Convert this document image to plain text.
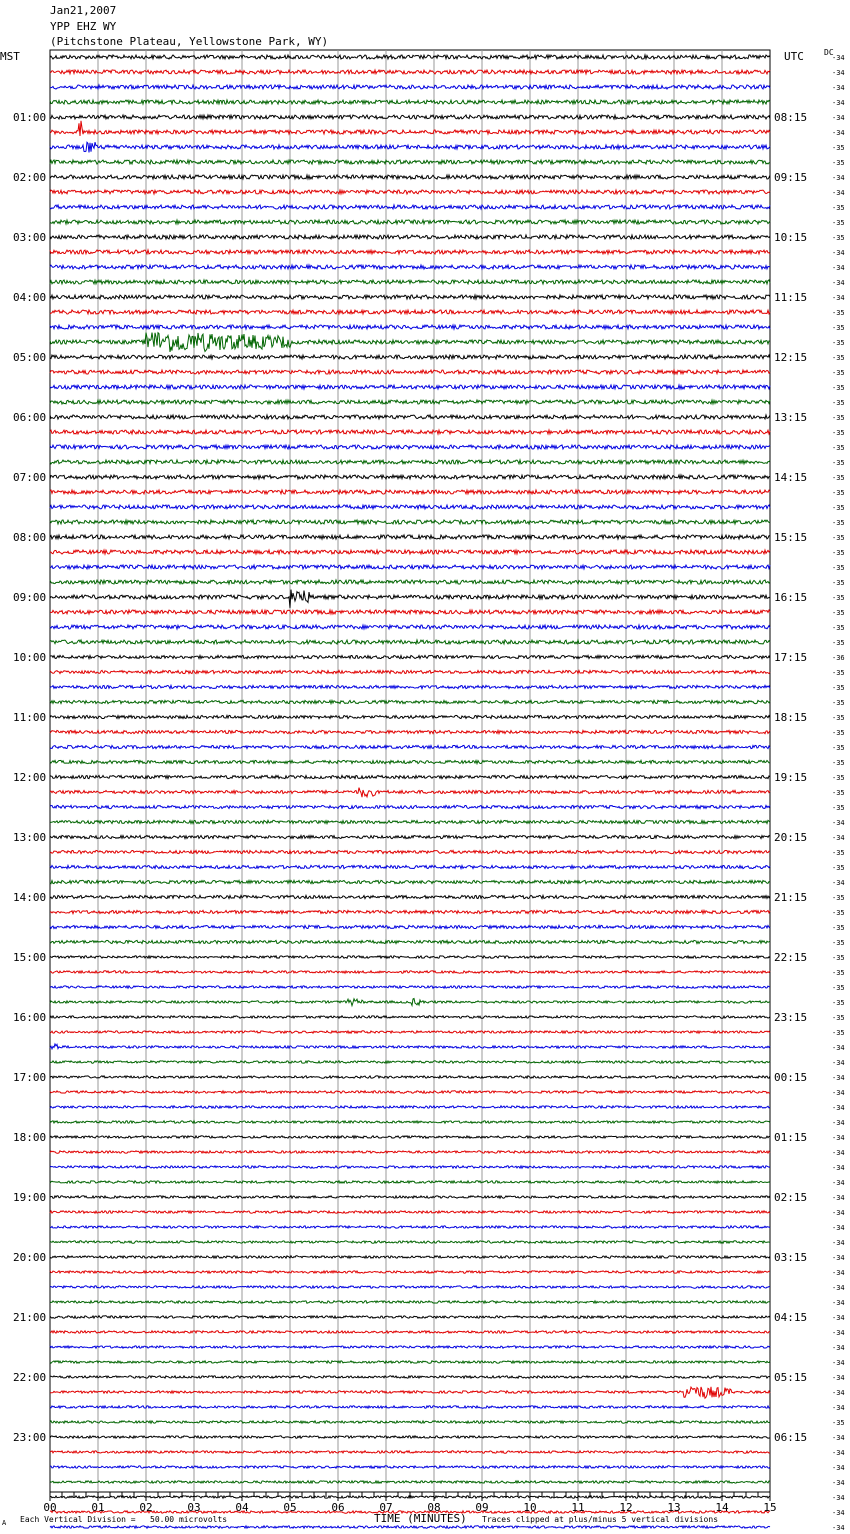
Jan21,2007
YPP EHZ WY
(Pitchstone Plateau, Yellowstone Park, WY)
MST	UTC	DC
-34
-34
-34
-34
-34
-34
-35
-35
-34
-34
-35
-35
-35
-34
-34
-34
-34
-35
-35
-35
-35
-35
-35
-35
-35
-35
-35
-35
-35
-35
-35
-35
-35
-35
-35
-35
-35
-35
-35
-35
-36
-35
-35
-35
-35
-35
-35
-35
-35
-35
-35
-34
-34
-35
-35
-34
-35
-35
-35
-35
-35
-35
-35
-35
-35
-35
-34
-34
-34
-34
-34
-34
-34
-34
-34
-34
-34
-34
-34
-34
-34
-34
-34
-34
-34
-34
-34
-34
-34
-34
-34
-35
-34
-34
-34
-34
-34
-34
-34
01:00
02:00
03:00
04:00
05:00
06:00
07:00
08:00
09:00
10:00
11:00
12:00
13:00
14:00
15:00
16:00
17:00
18:00
19:00
20:00
21:00
22:00
23:00
08:15
09:15
10:15
11:15
12:15
13:15
14:15
15:15
16:15
17:15
18:15
19:15
20:15
21:15
22:15
23:15
00:15
01:15
02:15
03:15
04:15
05:15
06:15
00	01	02	03	04	05	06	07	08	09	10	11	12	13	14	15
A Each Vertical Division =   50.00 microvolts	TIME (MINUTES) Traces clipped at plus/minus 5 vertical divisions
